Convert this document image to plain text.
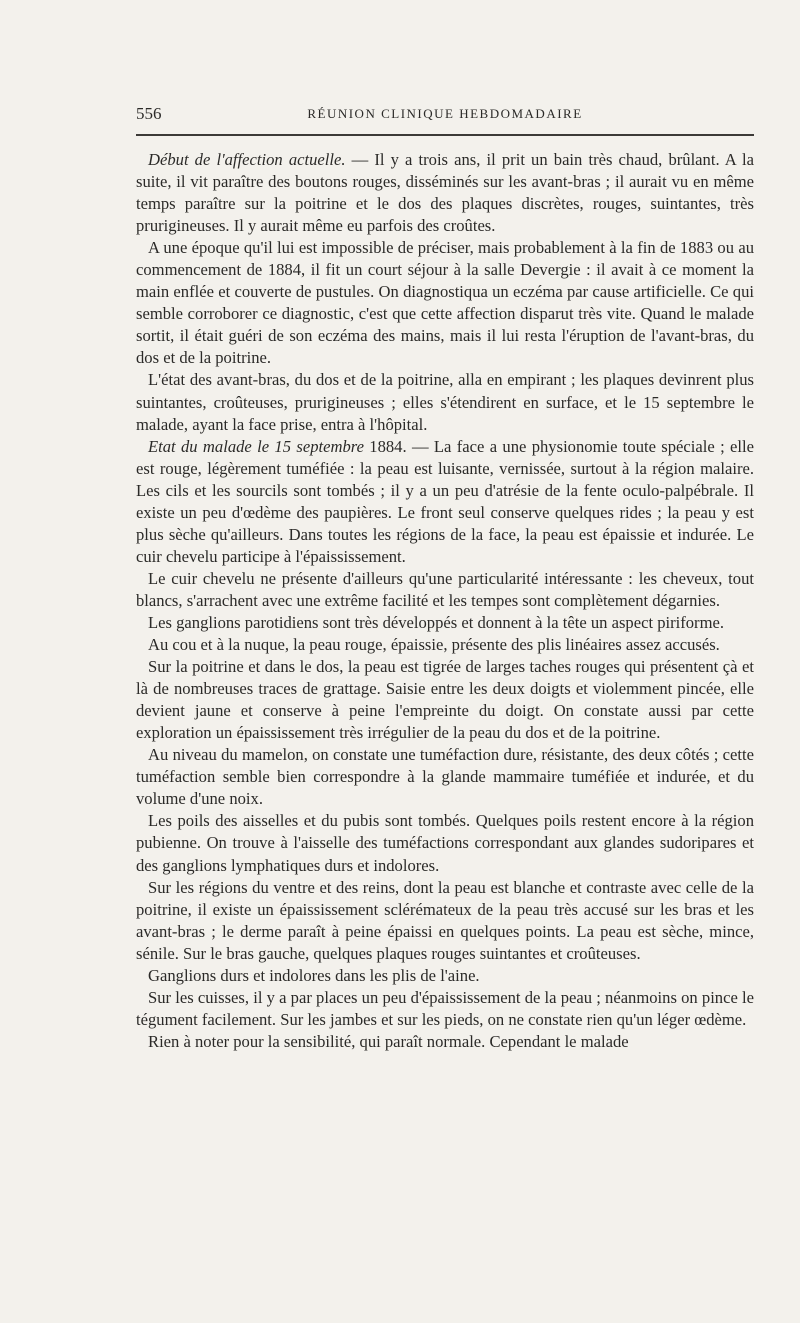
556	RÉUNION CLINIQUE HEBDOMADAIRE

Début de l'affection actuelle. — Il y a trois ans, il prit un bain très chaud, brûlant. A la suite, il vit paraître des boutons rouges, disséminés sur les avant-bras ; il aurait vu en même temps paraître sur la poitrine et le dos des plaques discrètes, rouges, suintantes, très prurigineuses. Il y aurait même eu parfois des croûtes.

A une époque qu'il lui est impossible de préciser, mais probablement à la fin de 1883 ou au commencement de 1884, il fit un court séjour à la salle Devergie : il avait à ce moment la main enflée et couverte de pustules. On diagnostiqua un eczéma par cause artificielle. Ce qui semble corroborer ce diagnostic, c'est que cette affection disparut très vite. Quand le malade sortit, il était guéri de son eczéma des mains, mais il lui resta l'éruption de l'avant-bras, du dos et de la poitrine.

L'état des avant-bras, du dos et de la poitrine, alla en empirant ; les plaques devinrent plus suintantes, croûteuses, prurigineuses ; elles s'étendirent en surface, et le 15 septembre le malade, ayant la face prise, entra à l'hôpital.

Etat du malade le 15 septembre 1884. — La face a une physionomie toute spéciale ; elle est rouge, légèrement tuméfiée : la peau est luisante, vernissée, surtout à la région malaire. Les cils et les sourcils sont tombés ; il y a un peu d'atrésie de la fente oculo-palpébrale. Il existe un peu d'œdème des paupières. Le front seul conserve quelques rides ; la peau y est plus sèche qu'ailleurs. Dans toutes les régions de la face, la peau est épaissie et indurée. Le cuir chevelu participe à l'épaississement.

Le cuir chevelu ne présente d'ailleurs qu'une particularité intéressante : les cheveux, tout blancs, s'arrachent avec une extrême facilité et les tempes sont complètement dégarnies.

Les ganglions parotidiens sont très développés et donnent à la tête un aspect piriforme.

Au cou et à la nuque, la peau rouge, épaissie, présente des plis linéaires assez accusés.

Sur la poitrine et dans le dos, la peau est tigrée de larges taches rouges qui présentent çà et là de nombreuses traces de grattage. Saisie entre les deux doigts et violemment pincée, elle devient jaune et conserve à peine l'empreinte du doigt. On constate aussi par cette exploration un épaississement très irrégulier de la peau du dos et de la poitrine.

Au niveau du mamelon, on constate une tuméfaction dure, résistante, des deux côtés ; cette tuméfaction semble bien correspondre à la glande mammaire tuméfiée et indurée, et du volume d'une noix.

Les poils des aisselles et du pubis sont tombés. Quelques poils restent encore à la région pubienne. On trouve à l'aisselle des tuméfactions correspondant aux glandes sudoripares et des ganglions lymphatiques durs et indolores.

Sur les régions du ventre et des reins, dont la peau est blanche et contraste avec celle de la poitrine, il existe un épaississement sclérémateux de la peau très accusé sur les bras et les avant-bras ; le derme paraît à peine épaissi en quelques points. La peau est sèche, mince, sénile. Sur le bras gauche, quelques plaques rouges suintantes et croûteuses.

Ganglions durs et indolores dans les plis de l'aine.

Sur les cuisses, il y a par places un peu d'épaississement de la peau ; néanmoins on pince le tégument facilement. Sur les jambes et sur les pieds, on ne constate rien qu'un léger œdème.

Rien à noter pour la sensibilité, qui paraît normale. Cependant le malade
